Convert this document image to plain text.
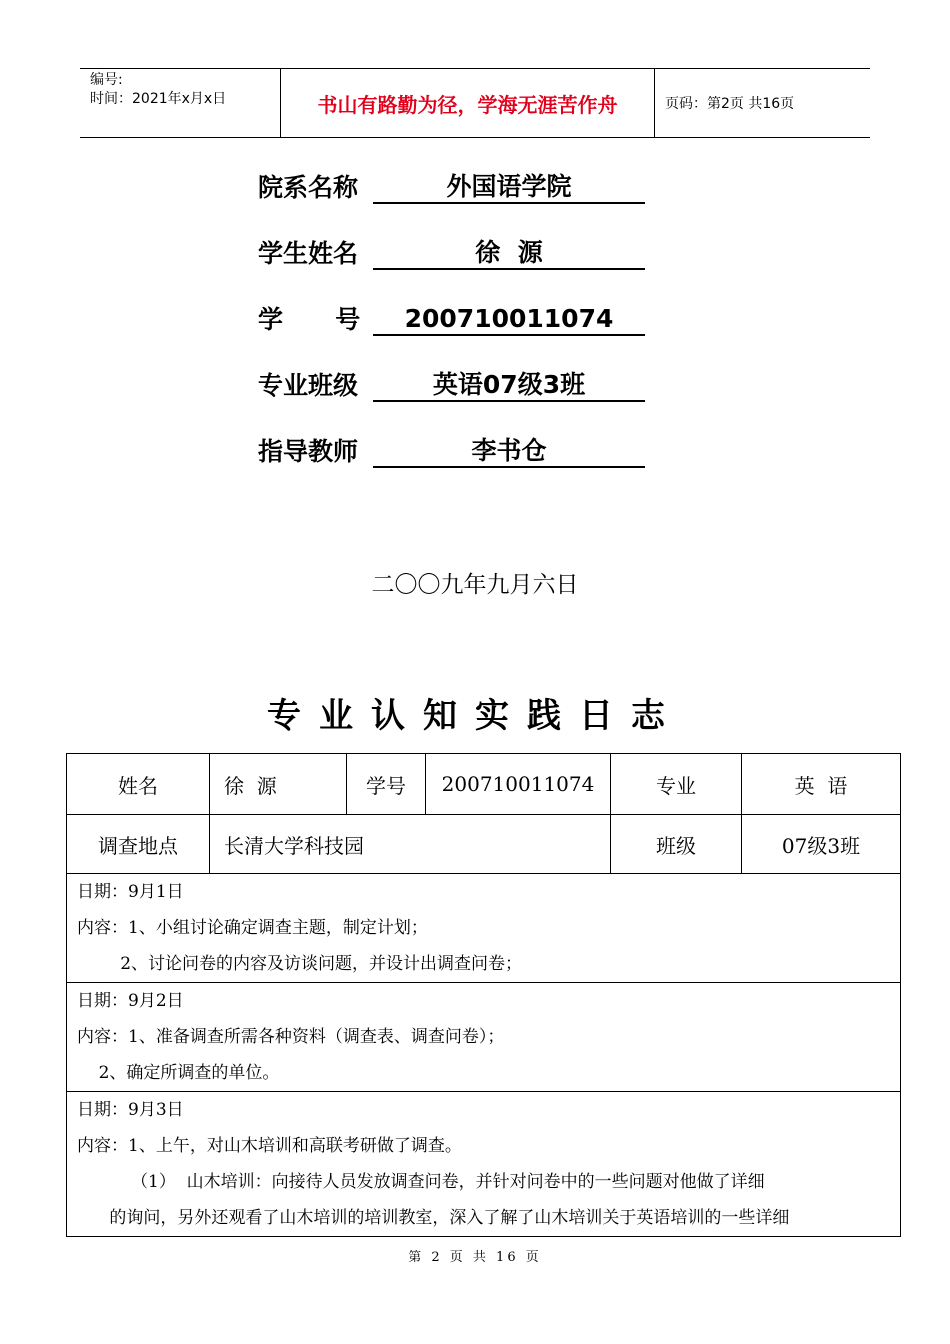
编号:
时间：2021年x月x日	书山有路勤为径，学海无涯苦作舟	页码：第2页 共16页
院系名称	外国语学院
学生姓名	徐  源
学      号	200710011074
专业班级	英语07级3班
指导教师	李书仓
二〇〇九年九月六日
专业认知实践日志
姓名	徐  源	学号	200710011074	专业	英  语
调查地点	长清大学科技园	班级	07级3班
日期：9月1日
内容：1、小组讨论确定调查主题，制定计划；
2、讨论问卷的内容及访谈问题，并设计出调查问卷；
日期：9月2日
内容：1、准备调查所需各种资料（调查表、调查问卷）；
2、确定所调查的单位。
日期：9月3日
内容：1、上午，对山木培训和高联考研做了调查。
（1）  山木培训：向接待人员发放调查问卷，并针对问卷中的一些问题对他做了详细
的询问，另外还观看了山木培训的培训教室，深入了解了山木培训关于英语培训的一些详细
第 2 页 共 16 页
